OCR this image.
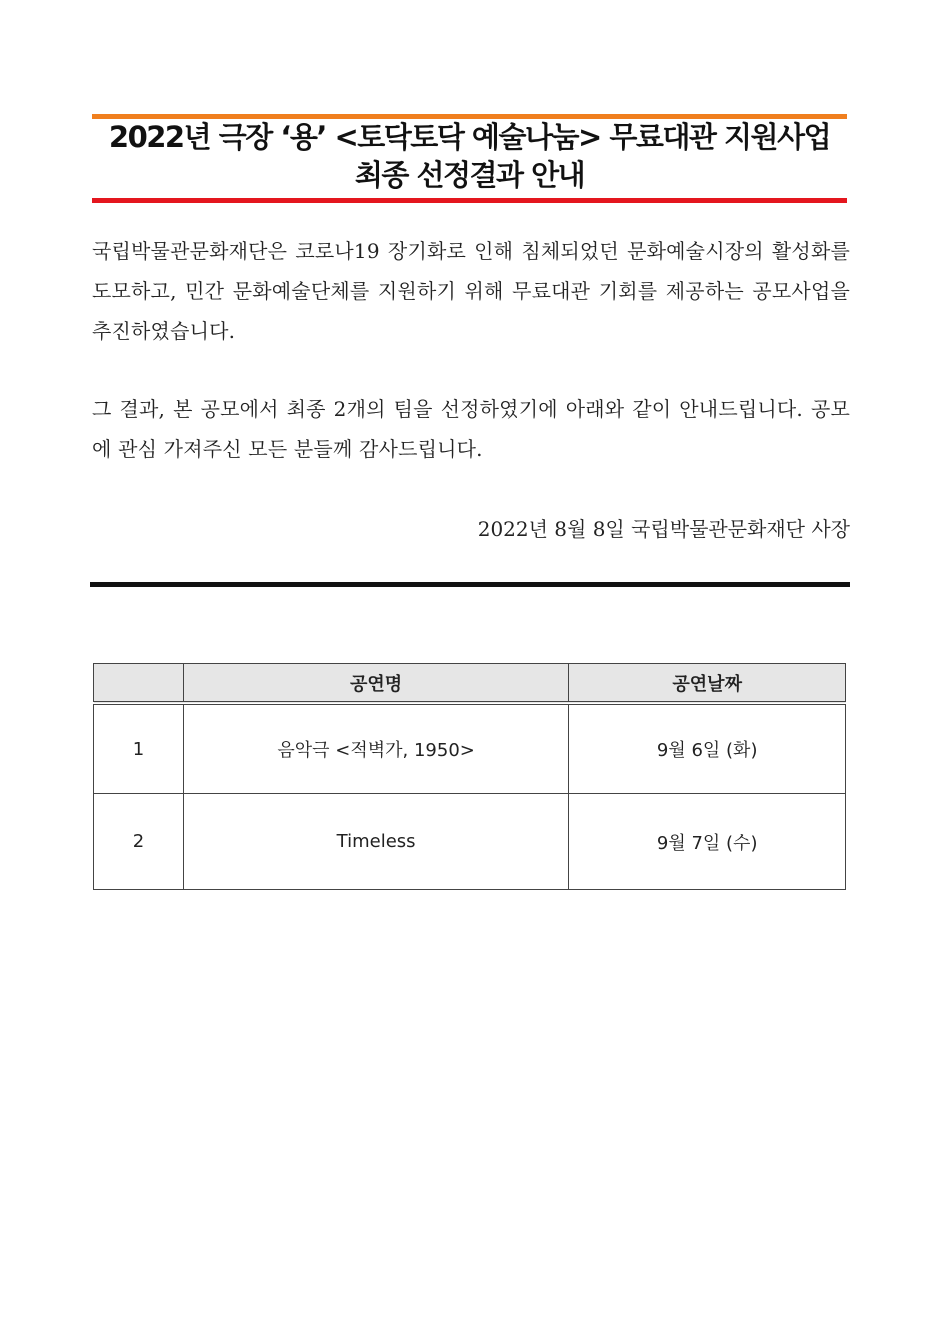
2022년 극장 ‘용’ <토닥토닥 예술나눔> 무료대관 지원사업
최종 선정결과 안내

국립박물관문화재단은 코로나19 장기화로 인해 침체되었던 문화예술시장의 활성화를 도모하고, 민간 문화예술단체를 지원하기 위해 무료대관 기회를 제공하는 공모사업을 추진하였습니다.

그 결과, 본 공모에서 최종 2개의 팀을 선정하였기에 아래와 같이 안내드립니다. 공모에 관심 가져주신 모든 분들께 감사드립니다.

2022년 8월 8일 국립박물관문화재단 사장
	공연명	공연날짜
1	음악극 <적벽가, 1950>	9월 6일 (화)
2	Timeless	9월 7일 (수)
